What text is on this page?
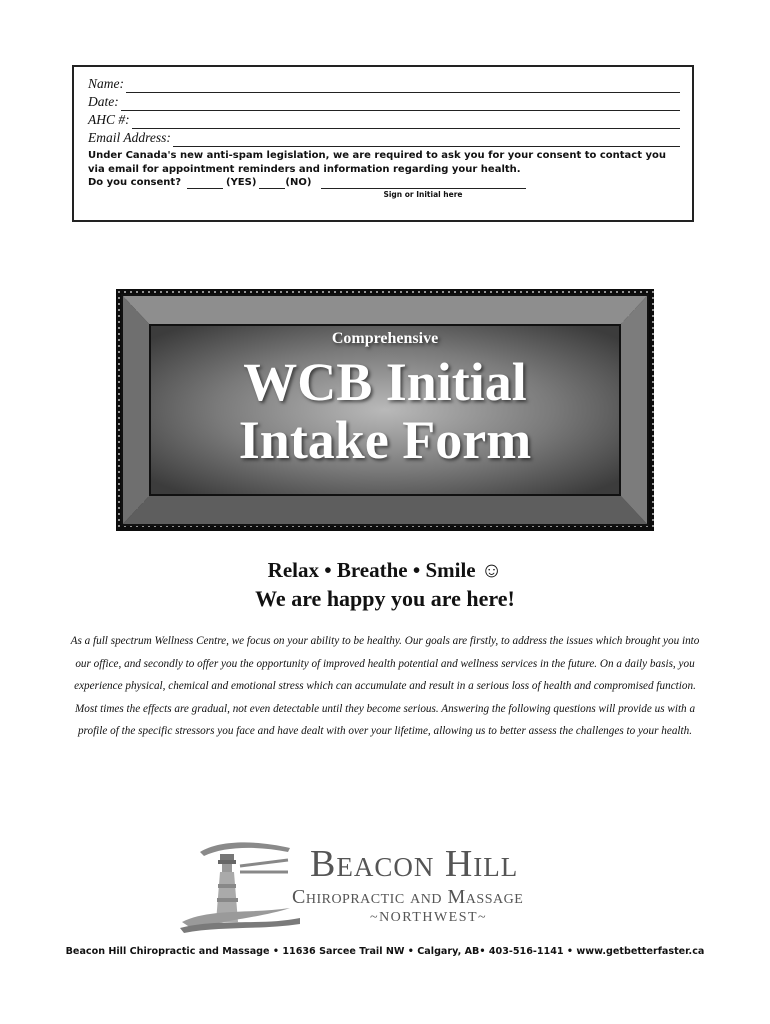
Name:
Date:
AHC #:
Email Address:
Under Canada's new anti-spam legislation, we are required to ask you for your consent to contact you
via email for appointment reminders and information regarding your health.
Do you consent?	(YES)	(NO)
Sign or Initial here
Comprehensive
WCB Initial
Intake Form
Relax • Breathe • Smile ☺
We are happy you are here!
As a full spectrum Wellness Centre, we focus on your ability to be healthy. Our goals are firstly, to address the issues which brought you into our office, and secondly to offer you the opportunity of improved health potential and wellness services in the future. On a daily basis, you experience physical, chemical and emotional stress which can accumulate and result in a serious loss of health and compromised function. Most times the effects are gradual, not even detectable until they become serious. Answering the following questions will provide us with a profile of the specific stressors you face and have dealt with over your lifetime, allowing us to better assess the challenges to your health.
Beacon Hill
Chiropractic and Massage
~NORTHWEST~
Beacon Hill Chiropractic and Massage • 11636 Sarcee Trail NW • Calgary, AB• 403-516-1141 • www.getbetterfaster.ca
